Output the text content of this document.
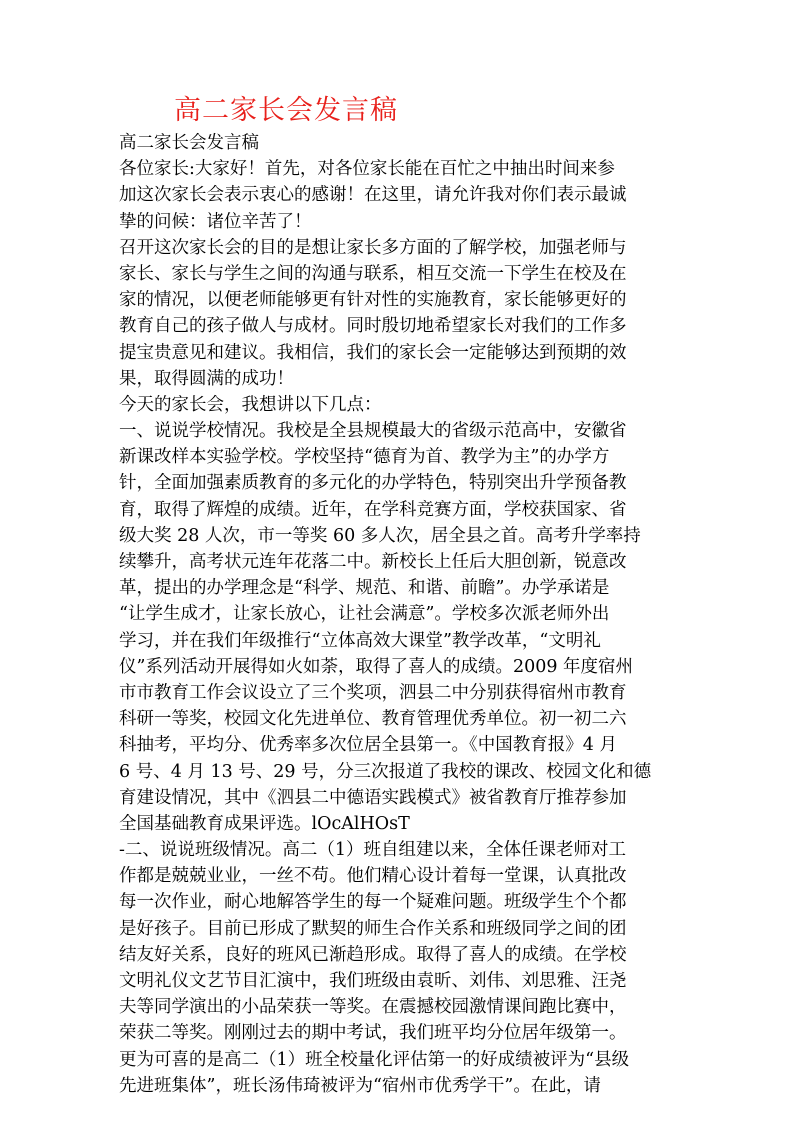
高二家长会发言稿
高二家长会发言稿
各位家长:大家好！首先，对各位家长能在百忙之中抽出时间来参
加这次家长会表示衷心的感谢！在这里，请允许我对你们表示最诚
挚的问候：诸位辛苦了！
召开这次家长会的目的是想让家长多方面的了解学校，加强老师与
家长、家长与学生之间的沟通与联系，相互交流一下学生在校及在
家的情况，以便老师能够更有针对性的实施教育，家长能够更好的
教育自己的孩子做人与成材。同时殷切地希望家长对我们的工作多
提宝贵意见和建议。我相信，我们的家长会一定能够达到预期的效
果，取得圆满的成功！
今天的家长会，我想讲以下几点：
一、说说学校情况。我校是全县规模最大的省级示范高中，安徽省
新课改样本实验学校。学校坚持“德育为首、教学为主”的办学方
针，全面加强素质教育的多元化的办学特色，特别突出升学预备教
育，取得了辉煌的成绩。近年，在学科竞赛方面，学校获国家、省
级大奖 28 人次，市一等奖 60 多人次，居全县之首。高考升学率持
续攀升，高考状元连年花落二中。新校长上任后大胆创新，锐意改
革，提出的办学理念是“科学、规范、和谐、前瞻”。办学承诺是
“让学生成才，让家长放心，让社会满意”。学校多次派老师外出
学习，并在我们年级推行“立体高效大课堂”教学改革，“文明礼
仪”系列活动开展得如火如荼，取得了喜人的成绩。2009 年度宿州
市市教育工作会议设立了三个奖项，泗县二中分别获得宿州市教育
科研一等奖，校园文化先进单位、教育管理优秀单位。初一初二六
科抽考，平均分、优秀率多次位居全县第一。《中国教育报》4 月
6 号、4 月 13 号、29 号，分三次报道了我校的课改、校园文化和德
育建设情况，其中《泗县二中德语实践模式》被省教育厅推荐参加
全国基础教育成果评选。lOcAlHOsT
-二、说说班级情况。高二（1）班自组建以来，全体任课老师对工
作都是兢兢业业，一丝不苟。他们精心设计着每一堂课，认真批改
每一次作业，耐心地解答学生的每一个疑难问题。班级学生个个都
是好孩子。目前已形成了默契的师生合作关系和班级同学之间的团
结友好关系，良好的班风已渐趋形成。取得了喜人的成绩。在学校
文明礼仪文艺节目汇演中，我们班级由袁昕、刘伟、刘思雅、汪尧
夫等同学演出的小品荣获一等奖。在震撼校园激情课间跑比赛中，
荣获二等奖。刚刚过去的期中考试，我们班平均分位居年级第一。
更为可喜的是高二（1）班全校量化评估第一的好成绩被评为“县级
先进班集体”，班长汤伟琦被评为“宿州市优秀学干”。在此，请
